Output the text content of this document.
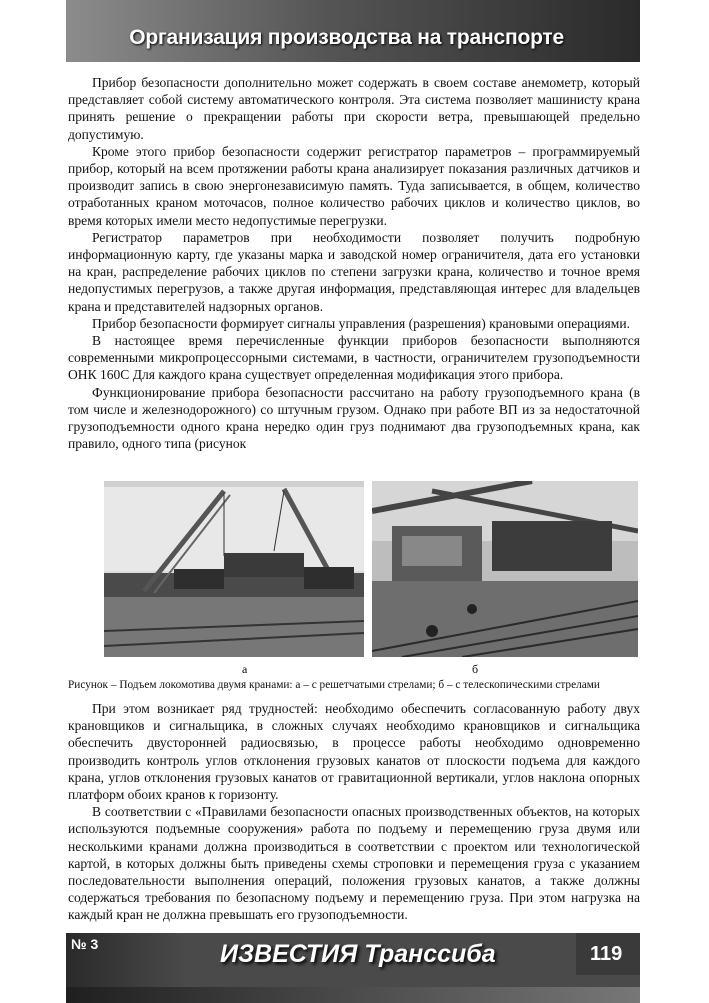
Организация производства на транспорте

Прибор безопасности дополнительно может содержать в своем составе анемометр, который представляет собой систему автоматического контроля. Эта система позволяет машинисту крана принять решение о прекращении работы при скорости ветра, превышающей предельно допустимую.

Кроме этого прибор безопасности содержит регистратор параметров – программируемый прибор, который на всем протяжении работы крана анализирует показания различных датчиков и производит запись в свою энергонезависимую память. Туда записывается, в общем, количество отработанных краном моточасов, полное количество рабочих циклов и количество циклов, во время которых имели место недопустимые перегрузки.

Регистратор параметров при необходимости позволяет получить подробную информационную карту, где указаны марка и заводской номер ограничителя, дата его установки на кран, распределение рабочих циклов по степени загрузки крана, количество и точное время недопустимых перегрузов, а также другая информация, представляющая интерес для владельцев крана и представителей надзорных органов.

Прибор безопасности формирует сигналы управления (разрешения) крановыми операциями.

В настоящее время перечисленные функции приборов безопасности выполняются современными микропроцессорными системами, в частности, ограничителем грузоподъемности ОНК 160С Для каждого крана существует определенная модификация этого прибора.

Функционирование прибора безопасности рассчитано на работу грузоподъемного крана (в том числе и железнодорожного) со штучным грузом. Однако при работе ВП из за недостаточной грузоподъемности одного крана нередко один груз поднимают два грузоподъемных крана, как правило, одного типа (рисунок

а	б
Рисунок – Подъем локомотива двумя кранами: а – с решетчатыми стрелами; б – с телескопическими стрелами

При этом возникает ряд трудностей: необходимо обеспечить согласованную работу двух крановщиков и сигнальщика, в сложных случаях необходимо крановщиков и сигнальщика обеспечить двусторонней радиосвязью, в процессе работы необходимо одновременно производить контроль углов отклонения грузовых канатов от плоскости подъема для каждого крана, углов отклонения грузовых канатов от гравитационной вертикали, углов наклона опорных платформ обоих кранов к горизонту.

В соответствии с «Правилами безопасности опасных производственных объектов, на которых используются подъемные сооружения» работа по подъему и перемещению груза двумя или несколькими кранами должна производиться в соответствии с проектом или технологической картой, в которых должны быть приведены схемы строповки и перемещения груза с указанием последовательности выполнения операций, положения грузовых канатов, а также должны содержаться требования по безопасному подъему и перемещению груза. При этом нагрузка на каждый кран не должна превышать его грузоподъемности.

№ 3	ИЗВЕСТИЯ Транссиба	119
